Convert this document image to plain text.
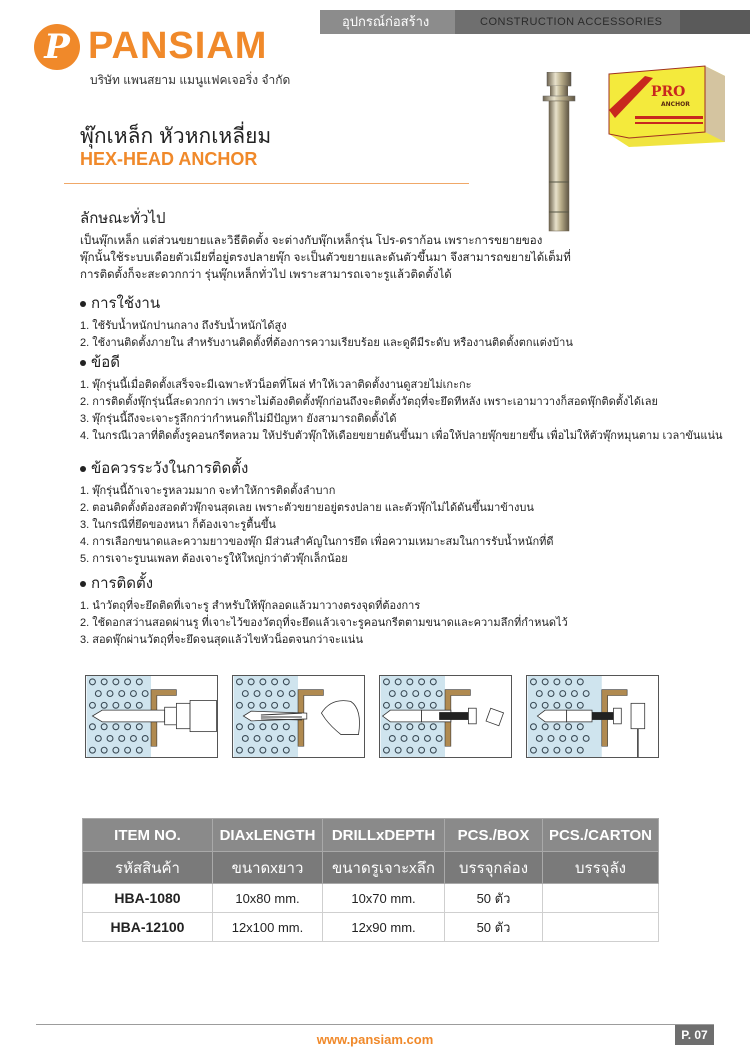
P PANSIAM
บริษัท แพนสยาม แมนูแฟคเจอริ่ง จำกัด
อุปกรณ์ก่อสร้าง	CONSTRUCTION ACCESSORIES
พุ๊กเหล็ก หัวหกเหลี่ยม
HEX-HEAD ANCHOR
PRO
ANCHOR
ลักษณะทั่วไป
เป็นพุ๊กเหล็ก แต่ส่วนขยายและวิธีติดตั้ง จะต่างกับพุ๊กเหล็กรุ่น โปร-ดราก้อน เพราะการขยายของ
พุ๊กนั้นใช้ระบบเดือยตัวเมียที่อยู่ตรงปลายพุ๊ก จะเป็นตัวขยายและดันตัวขึ้นมา จึงสามารถขยายได้เต็มที่
การติดตั้งก็จะสะดวกกว่า รุ่นพุ๊กเหล็กทั่วไป เพราะสามารถเจาะรูแล้วติดตั้งได้
การใช้งาน
1. ใช้รับน้ำหนักปานกลาง ถึงรับน้ำหนักได้สูง
2. ใช้งานติดตั้งภายใน สำหรับงานติดตั้งที่ต้องการความเรียบร้อย และดูดีมีระดับ หรืองานติดตั้งตกแต่งบ้าน
ข้อดี
1. พุ๊กรุ่นนี้เมื่อติดตั้งเสร็จจะมีเฉพาะหัวน็อตที่โผล่ ทำให้เวลาติดตั้งงานดูสวยไม่เกะกะ
2. การติดตั้งพุ๊กรุ่นนี้สะดวกกว่า เพราะไม่ต้องติดตั้งพุ๊กก่อนถึงจะติดตั้งวัตถุที่จะยึดทีหลัง เพราะเอามาวางก็สอดพุ๊กติดตั้งได้เลย
3. พุ๊กรุ่นนี้ถึงจะเจาะรูลึกกว่ากำหนดก็ไม่มีปัญหา ยังสามารถติดตั้งได้
4. ในกรณีเวลาที่ติดตั้งรูคอนกรีตหลวม ให้ปรับตัวพุ๊กให้เดือยขยายดันขึ้นมา เพื่อให้ปลายพุ๊กขยายขึ้น เพื่อไม่ให้ตัวพุ๊กหมุนตาม เวลาขันแน่น
ข้อควรระวังในการติดตั้ง
1. พุ๊กรุ่นนี้ถ้าเจาะรูหลวมมาก จะทำให้การติดตั้งลำบาก
2. ตอนติดตั้งต้องสอดตัวพุ๊กจนสุดเลย เพราะตัวขยายอยู่ตรงปลาย และตัวพุ๊กไม่ได้ดันขึ้นมาข้างบน
3. ในกรณีที่ยึดของหนา ก็ต้องเจาะรูตื้นขึ้น
4. การเลือกขนาดและความยาวของพุ๊ก มีส่วนสำคัญในการยึด เพื่อความเหมาะสมในการรับน้ำหนักที่ดี
5. การเจาะรูบนเพลท ต้องเจาะรูให้ใหญ่กว่าตัวพุ๊กเล็กน้อย
การติดตั้ง
1. นำวัตถุที่จะยึดติดที่เจาะรู สำหรับให้พุ๊กลอดแล้วมาวางตรงจุดที่ต้องการ
2. ใช้ดอกสว่านสอดผ่านรู ที่เจาะไว้ของวัตถุที่จะยึดแล้วเจาะรูคอนกรีตตามขนาดและความลึกที่กำหนดไว้
3. สอดพุ๊กผ่านวัตถุที่จะยึดจนสุดแล้วไขหัวน็อตจนกว่าจะแน่น
ITEM NO.	DIAxLENGTH	DRILLxDEPTH	PCS./BOX	PCS./CARTON
รหัสสินค้า	ขนาดxยาว	ขนาดรูเจาะxลึก	บรรจุกล่อง	บรรจุลัง
HBA-1080	10x80 mm.	10x70 mm.	50 ตัว	
HBA-12100	12x100 mm.	12x90 mm.	50 ตัว	
www.pansiam.com	P. 07
